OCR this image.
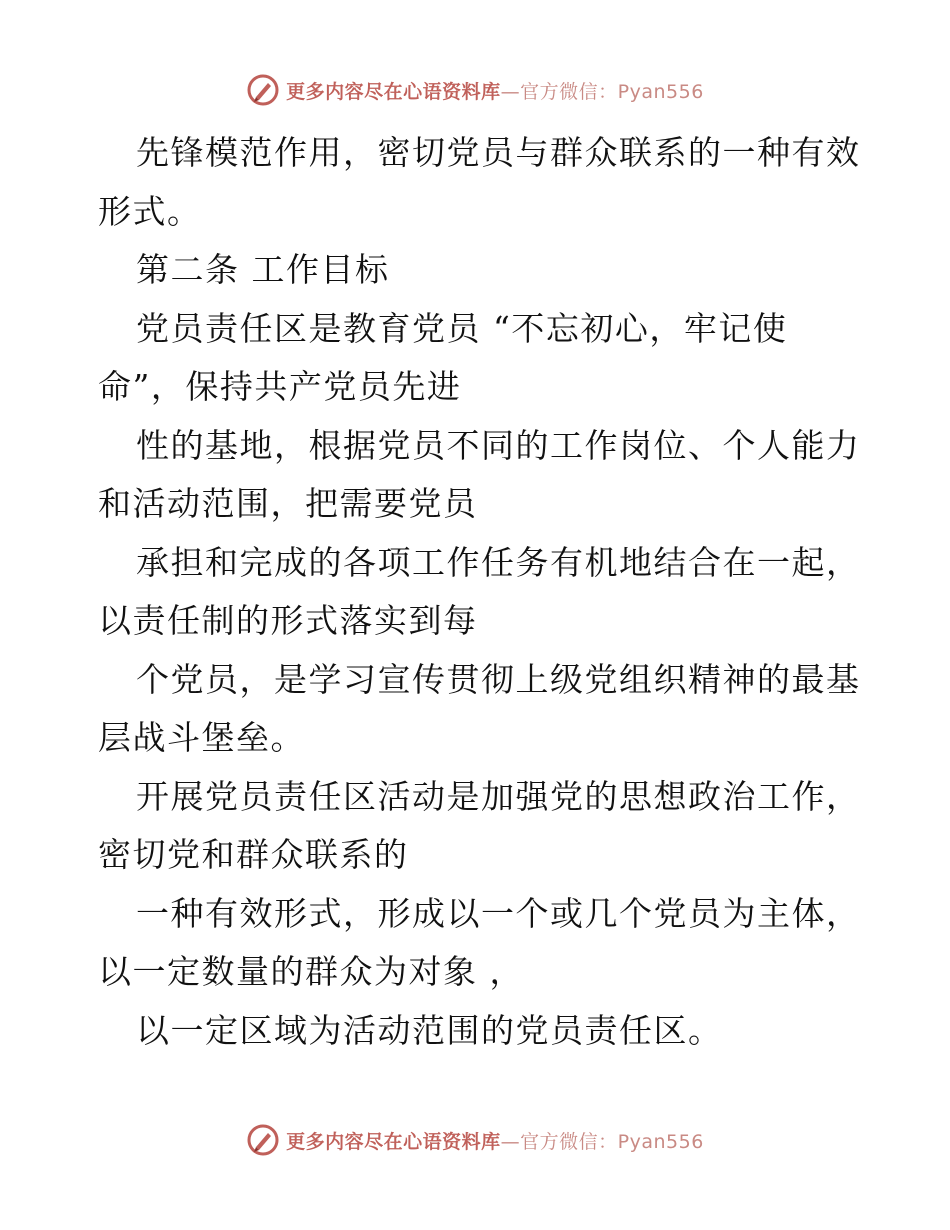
更多内容尽在心语资料库—官方微信：Pyan556
先锋模范作用，密切党员与群众联系的一种有效
形式。
第二条 工作目标
党员责任区是教育党员 “不忘初心，牢记使
命”，保持共产党员先进
性的基地，根据党员不同的工作岗位、个人能力
和活动范围，把需要党员
承担和完成的各项工作任务有机地结合在一起，
以责任制的形式落实到每
个党员，是学习宣传贯彻上级党组织精神的最基
层战斗堡垒。
开展党员责任区活动是加强党的思想政治工作，
密切党和群众联系的
一种有效形式，形成以一个或几个党员为主体，
以一定数量的群众为对象 ，
以一定区域为活动范围的党员责任区。
更多内容尽在心语资料库—官方微信：Pyan556
